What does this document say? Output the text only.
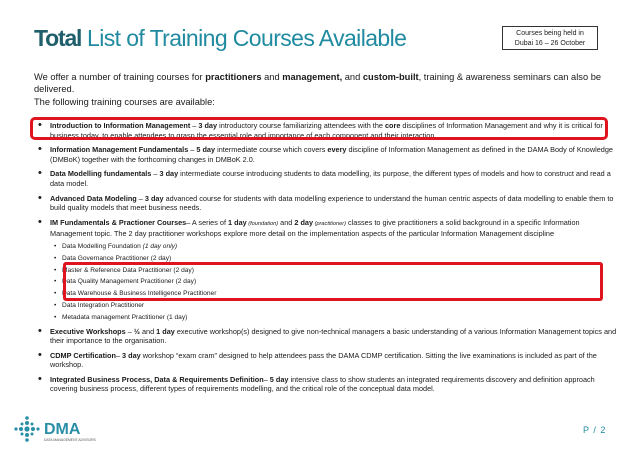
Total List of Training Courses Available	Courses being held in
Dubai 16 – 26 October

We offer a number of training courses for practitioners and management, and custom-built, training & awareness seminars can also be delivered.

The following training courses are available:

• Introduction to Information Management – 3 day introductory course familiarizing attendees with the core disciplines of Information Management and why it is critical for business today, to enable attendees to grasp the essential role and importance of each component and their interaction.
• Information Management Fundamentals – 5 day intermediate course which covers every discipline of Information Management as defined in the DAMA Body of Knowledge (DMBoK) together with the forthcoming changes in DMBoK 2.0.
• Data Modelling fundamentals – 3 day intermediate course introducing students to data modelling, its purpose, the different types of models and how to construct and read a data model.
• Advanced Data Modeling – 3 day advanced course for students with data modelling experience to understand the human centric aspects of data modelling to enable them to build quality models that meet business needs.
• IM Fundamentals & Practioner Courses– A series of 1 day (foundation) and 2 day (practitioner) classes to give practitioners a solid background in a specific Information Management topic. The 2 day practitioner workshops explore more detail on the implementation aspects of the particular Information Management discipline
• Data Modelling Foundation (1 day only)
• Data Governance Practitioner (2 day)
• Master & Reference Data Practitioner (2 day)
• Data Quality Management Practitioner (2 day)
• Data Warehouse & Business Intelligence Practitioner
• Data Integration Practitioner
• Metadata management Practitioner (1 day)
• Executive Workshops – ½ and 1 day executive workshop(s) designed to give non-technical managers a basic understanding of a various Information Management topics and their importance to the organisation.
• CDMP Certification– 3 day workshop “exam cram” designed to help attendees pass the DAMA CDMP certification. Sitting the live examinations is included as part of the workshop.
• Integrated Business Process, Data & Requirements Definition– 5 day intensive class to show students an integrated requirements discovery and definition approach covering business process, different types of requirements modelling, and the critical role of the conceptual data model.
DMA
DATA MANAGEMENT ADVISORS
P / 2
